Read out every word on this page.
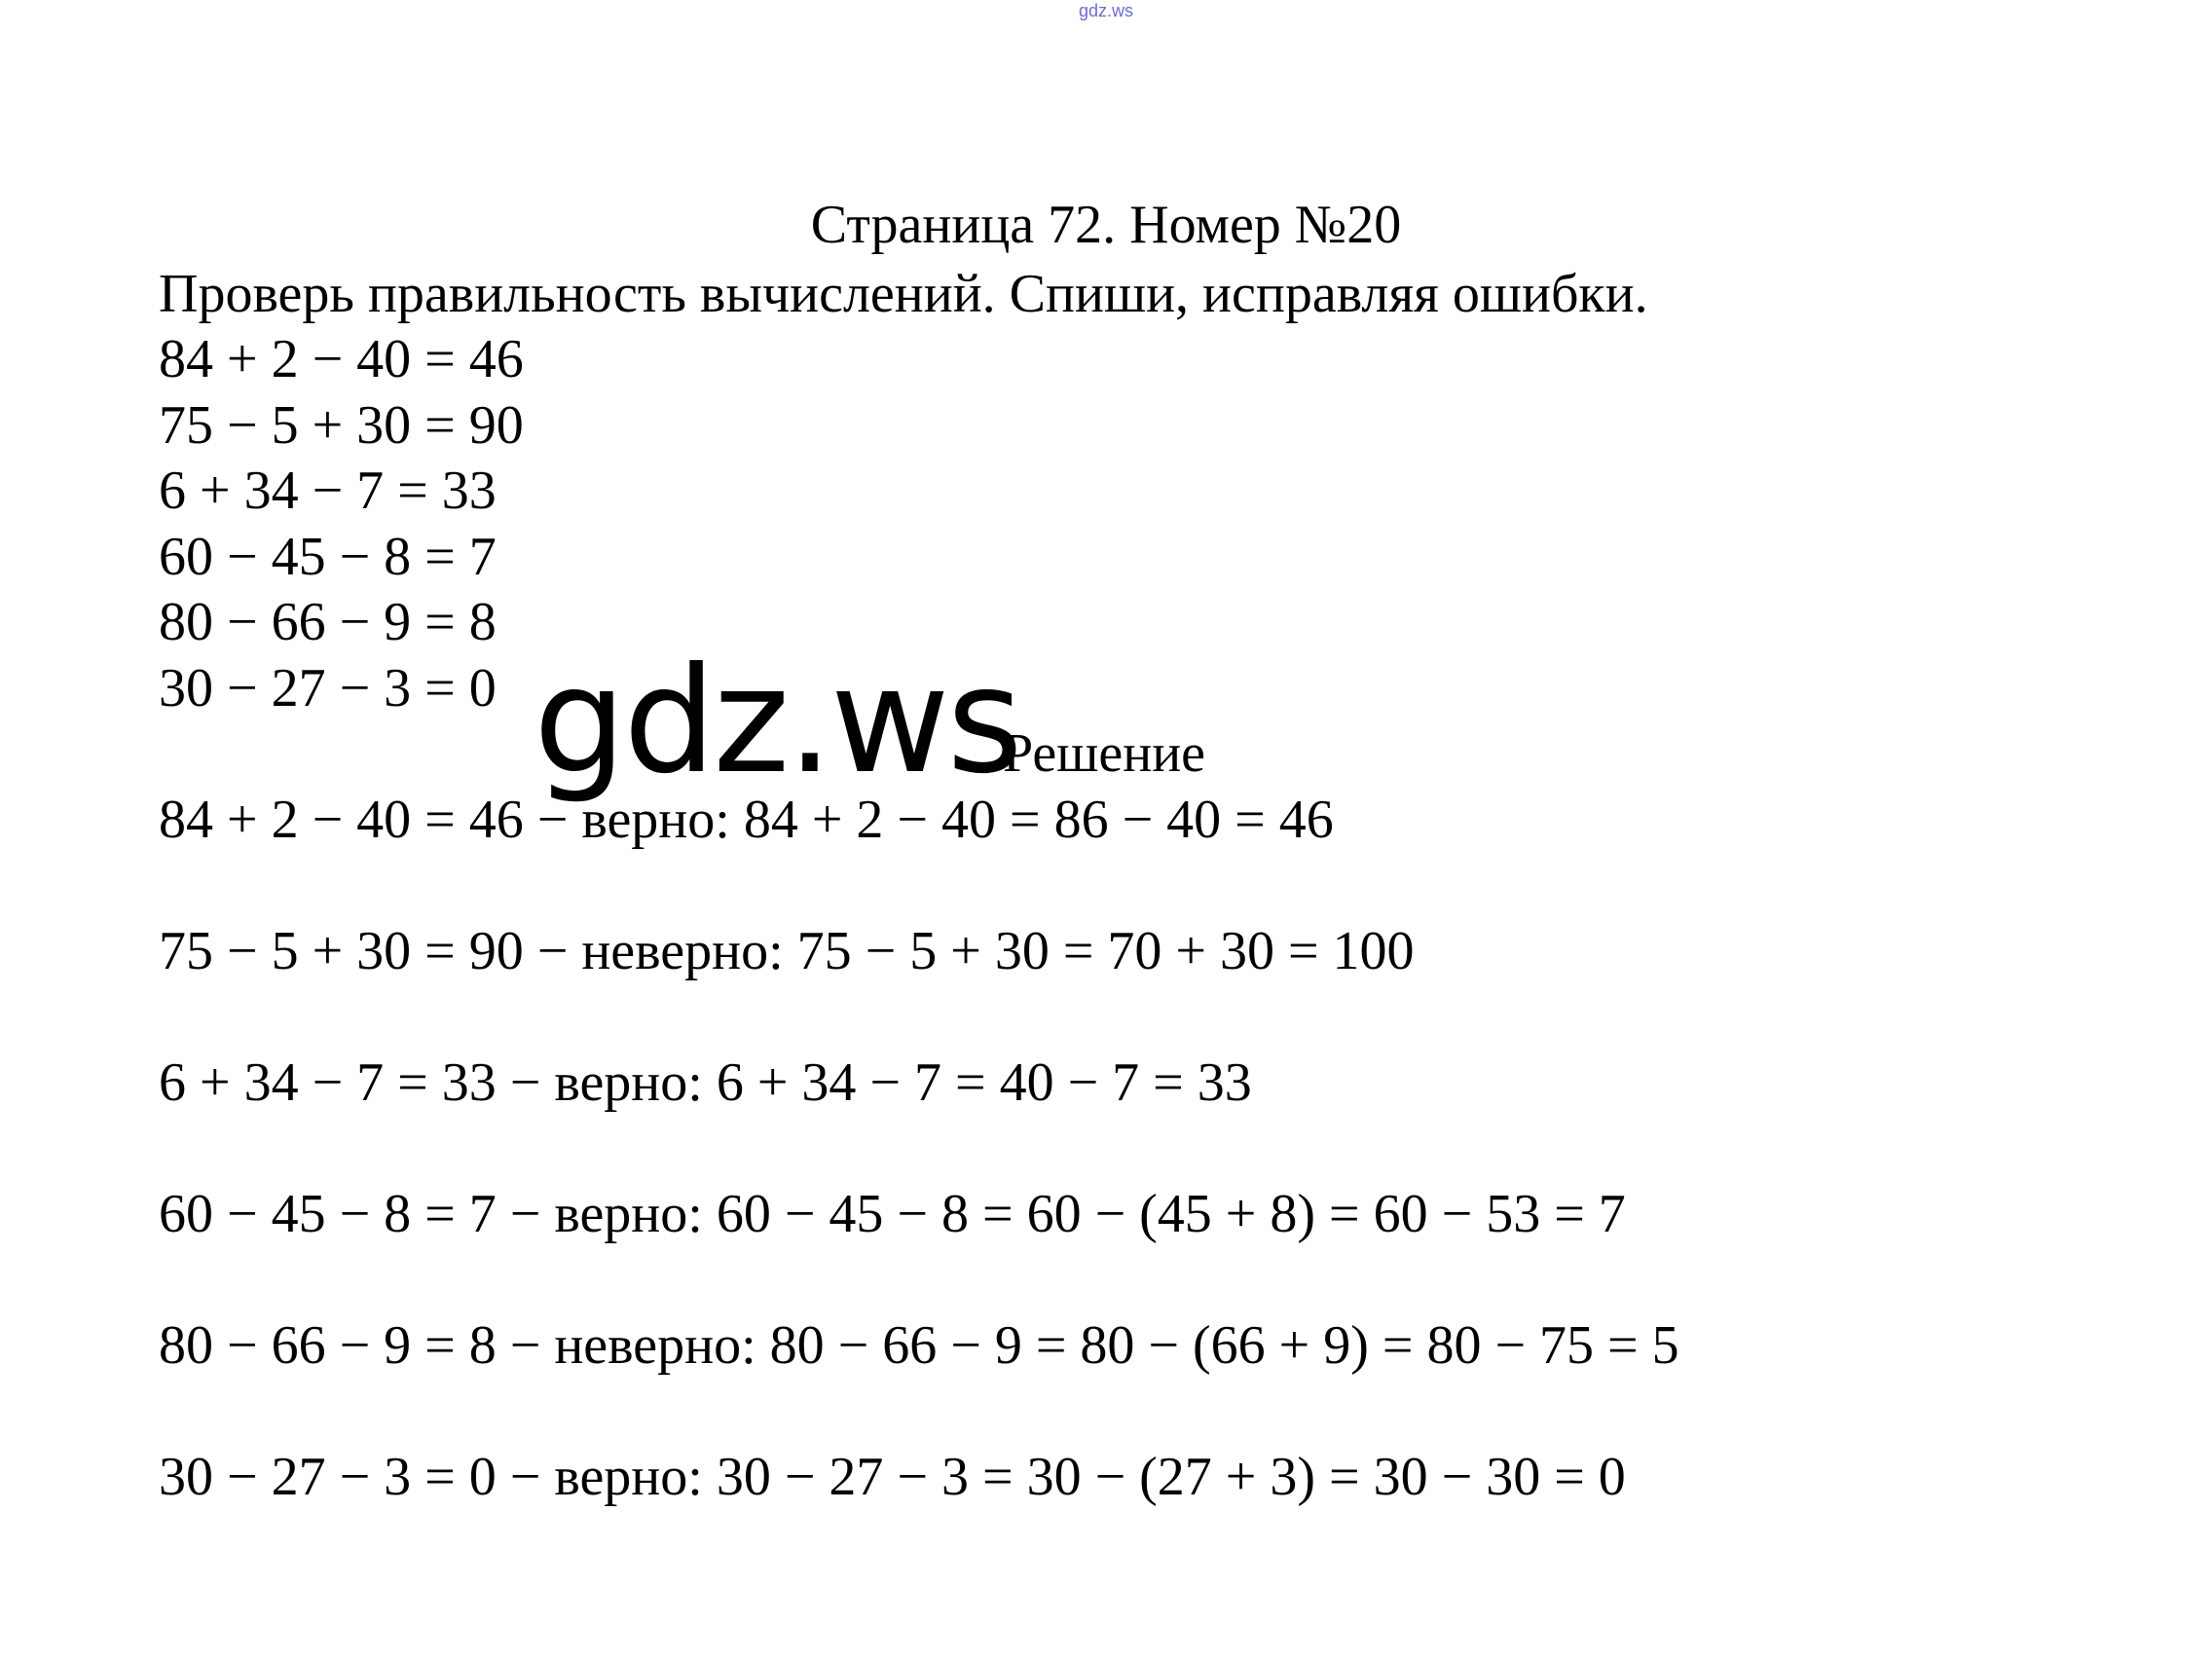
gdz.ws
Страница 72. Номер №20
Проверь правильность вычислений. Спиши, исправляя ошибки.
84 + 2 − 40 = 46
75 − 5 + 30 = 90
6 + 34 − 7 = 33
60 − 45 − 8 = 7
80 − 66 − 9 = 8
30 − 27 − 3 = 0 gdz.ws
Решение
84 + 2 − 40 = 46 − верно: 84 + 2 − 40 = 86 − 40 = 46
75 − 5 + 30 = 90 − неверно: 75 − 5 + 30 = 70 + 30 = 100
6 + 34 − 7 = 33 − верно: 6 + 34 − 7 = 40 − 7 = 33
60 − 45 − 8 = 7 − верно: 60 − 45 − 8 = 60 − (45 + 8) = 60 − 53 = 7
80 − 66 − 9 = 8 − неверно: 80 − 66 − 9 = 80 − (66 + 9) = 80 − 75 = 5
30 − 27 − 3 = 0 − верно: 30 − 27 − 3 = 30 − (27 + 3) = 30 − 30 = 0
